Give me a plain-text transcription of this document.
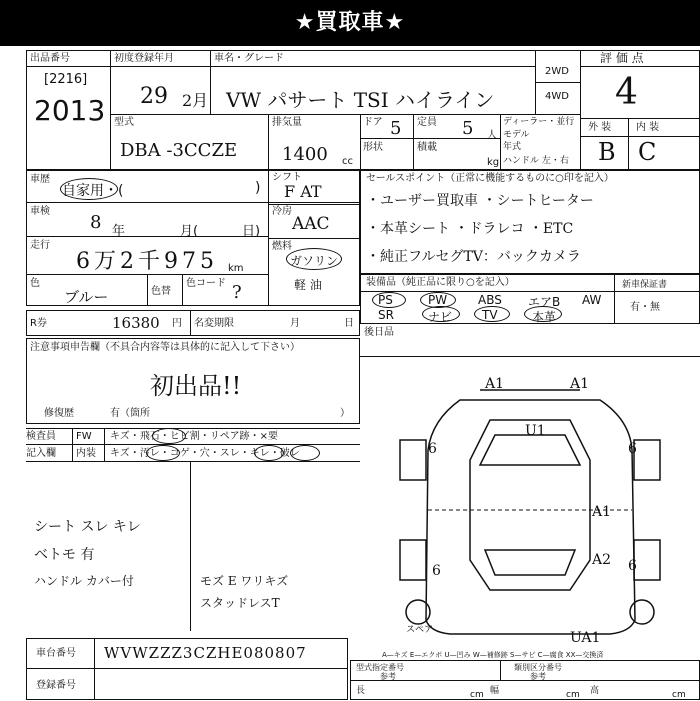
★買取車★
出品番号
[2216]
2013
初度登録年月
29 2月
車名・グレード
VW パサート TSI ハイライン
2WD
4WD
評 価 点
4
外 装 内 装
B C
型式
DBA -3CCZE
排気量
1400 cc
ドア 5
形状
定員 5 人
積載
kg
ディーラー・並行
モデル
年式
ハンドル 左・右
車歴
自家用・(	)
車検
8 年	月(	日)
走行
6万2千975 km
色
ブルー	色替
色コード ?
シフト
F AT
冷房
AAC
燃料
ガソリン
軽 油
セールスポイント（正常に機能するものに○印を記入）
・ユーザー買取車 ・シートヒーター
・本革シート ・ドラレコ ・ETC
・純正フルセグTV：バックカメラ
装備品（純正品に限り○を記入）	新車保証書
有・無
PS	PW	ABS エアB AW
SR	ナビ TV	本革
R券	16380 円 名変期限	月	日
後日品
注意事項申告欄（不具合内容等は具体的に記入して下さい）
初出品!!
修復歴	有（箇所	）
検査員 FW キズ・飛石・ヒビ割・リペア跡・×要
記入欄 内装 キズ・汚レ・コゲ・穴・スレ・キレ・破レ
シート スレ キレ
ベトモ 有
ハンドル カバー付	モズ E ワリキズ
スタッドレスT
A1	A1
U1
6	6
A1
6
A2 6
UA1
スペア
車台番号 WVWZZZ3CZHE080807
登録番号
A—キズ E—エクボ U—凹み W—補修跡 S—サビ C—腐食 XX—交換済
型式指定番号
参考
類別区分番号
参考
長	cm 幅	cm 高	cm
